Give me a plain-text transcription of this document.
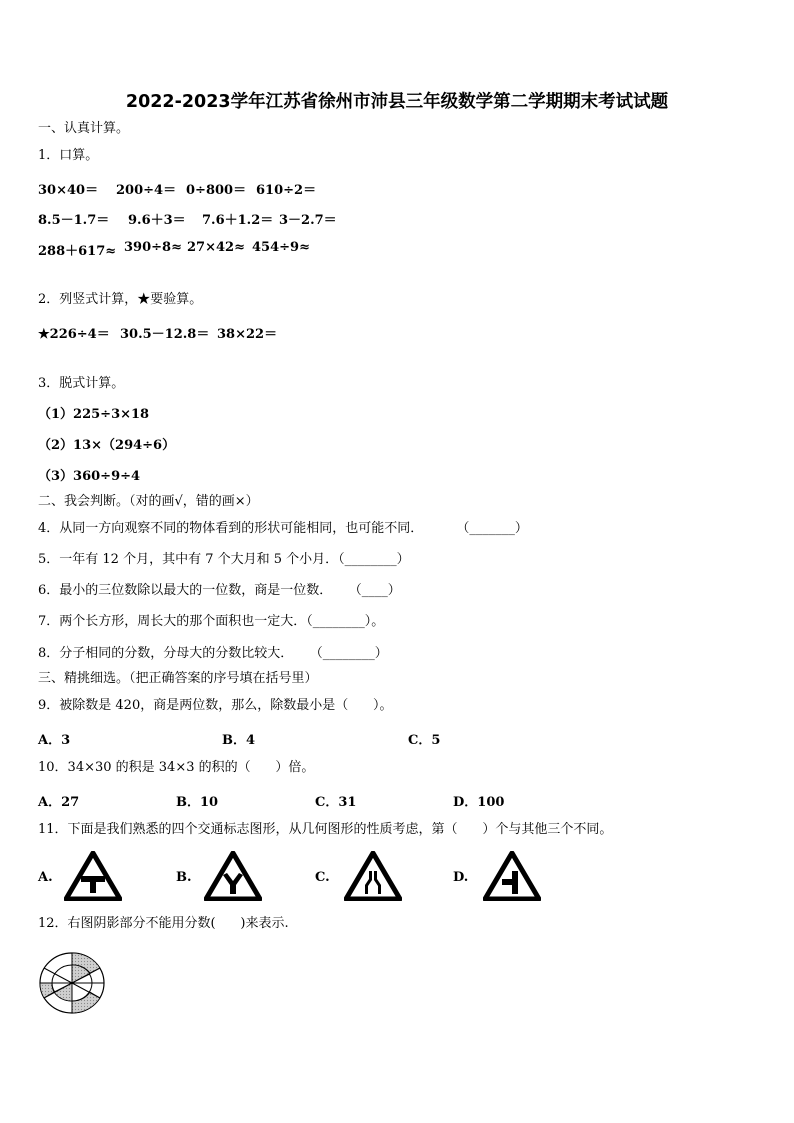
2022-2023学年江苏省徐州市沛县三年级数学第二学期期末考试试题
一、认真计算。
1．口算。
30×40＝ 200÷4＝ 0÷800＝ 610÷2＝
8.5－1.7＝ 9.6＋3＝ 7.6＋1.2＝ 3－2.7＝
288＋617≈ 390÷8≈ 27×42≈ 454÷9≈
2．列竖式计算，★要验算。
★226÷4＝ 30.5－12.8＝ 38×22＝
3．脱式计算。
（1）225÷3×18
（2）13×（294÷6）
（3）360÷9÷4
二、我会判断。（对的画√，错的画×）
4．从同一方向观察不同的物体看到的形状可能相同，也可能不同．        （_______）
5．一年有 12 个月，其中有 7 个大月和 5 个小月．（________）
6．最小的三位数除以最大的一位数，商是一位数．    （____）
7．两个长方形，周长大的那个面积也一定大．（________）。
8．分子相同的分数，分母大的分数比较大．    （________）
三、精挑细选。（把正确答案的序号填在括号里）
9．被除数是 420，商是两位数，那么，除数最小是（      ）。
A．3	B．4	C．5
10．34×30 的积是 34×3 的积的（      ）倍。
A．27	B．10	C．31	D．100
11．下面是我们熟悉的四个交通标志图形，从几何图形的性质考虑，第（      ）个与其他三个不同。
A.	B.	C.	D.
12．右图阴影部分不能用分数(      )来表示.
